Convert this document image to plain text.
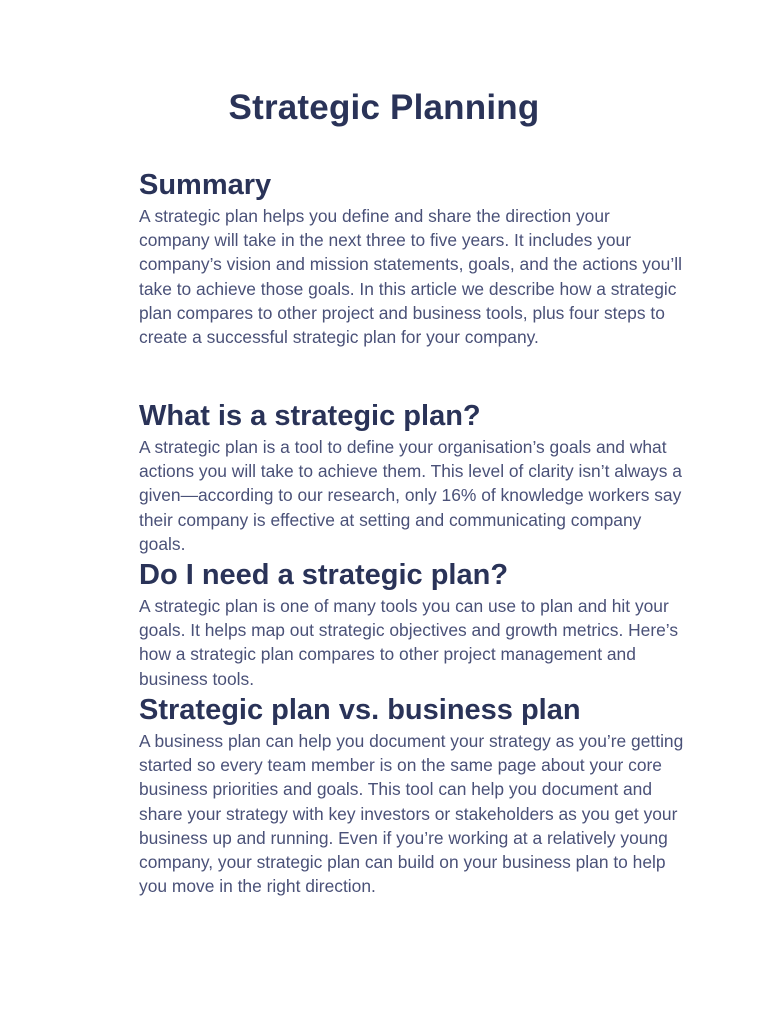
Strategic Planning
Summary

A strategic plan helps you define and share the direction your company will take in the next three to five years. It includes your company’s vision and mission statements, goals, and the actions you’ll take to achieve those goals. In this article we describe how a strategic plan compares to other project and business tools, plus four steps to create a successful strategic plan for your company.

What is a strategic plan?

A strategic plan is a tool to define your organisation’s goals and what actions you will take to achieve them. This level of clarity isn’t always a given—according to our research, only 16% of knowledge workers say their company is effective at setting and communicating company goals.

Do I need a strategic plan?

A strategic plan is one of many tools you can use to plan and hit your goals. It helps map out strategic objectives and growth metrics. Here’s how a strategic plan compares to other project management and business tools.

Strategic plan vs. business plan

A business plan can help you document your strategy as you’re getting started so every team member is on the same page about your core business priorities and goals. This tool can help you document and share your strategy with key investors or stakeholders as you get your business up and running. Even if you’re working at a relatively young company, your strategic plan can build on your business plan to help you move in the right direction.
